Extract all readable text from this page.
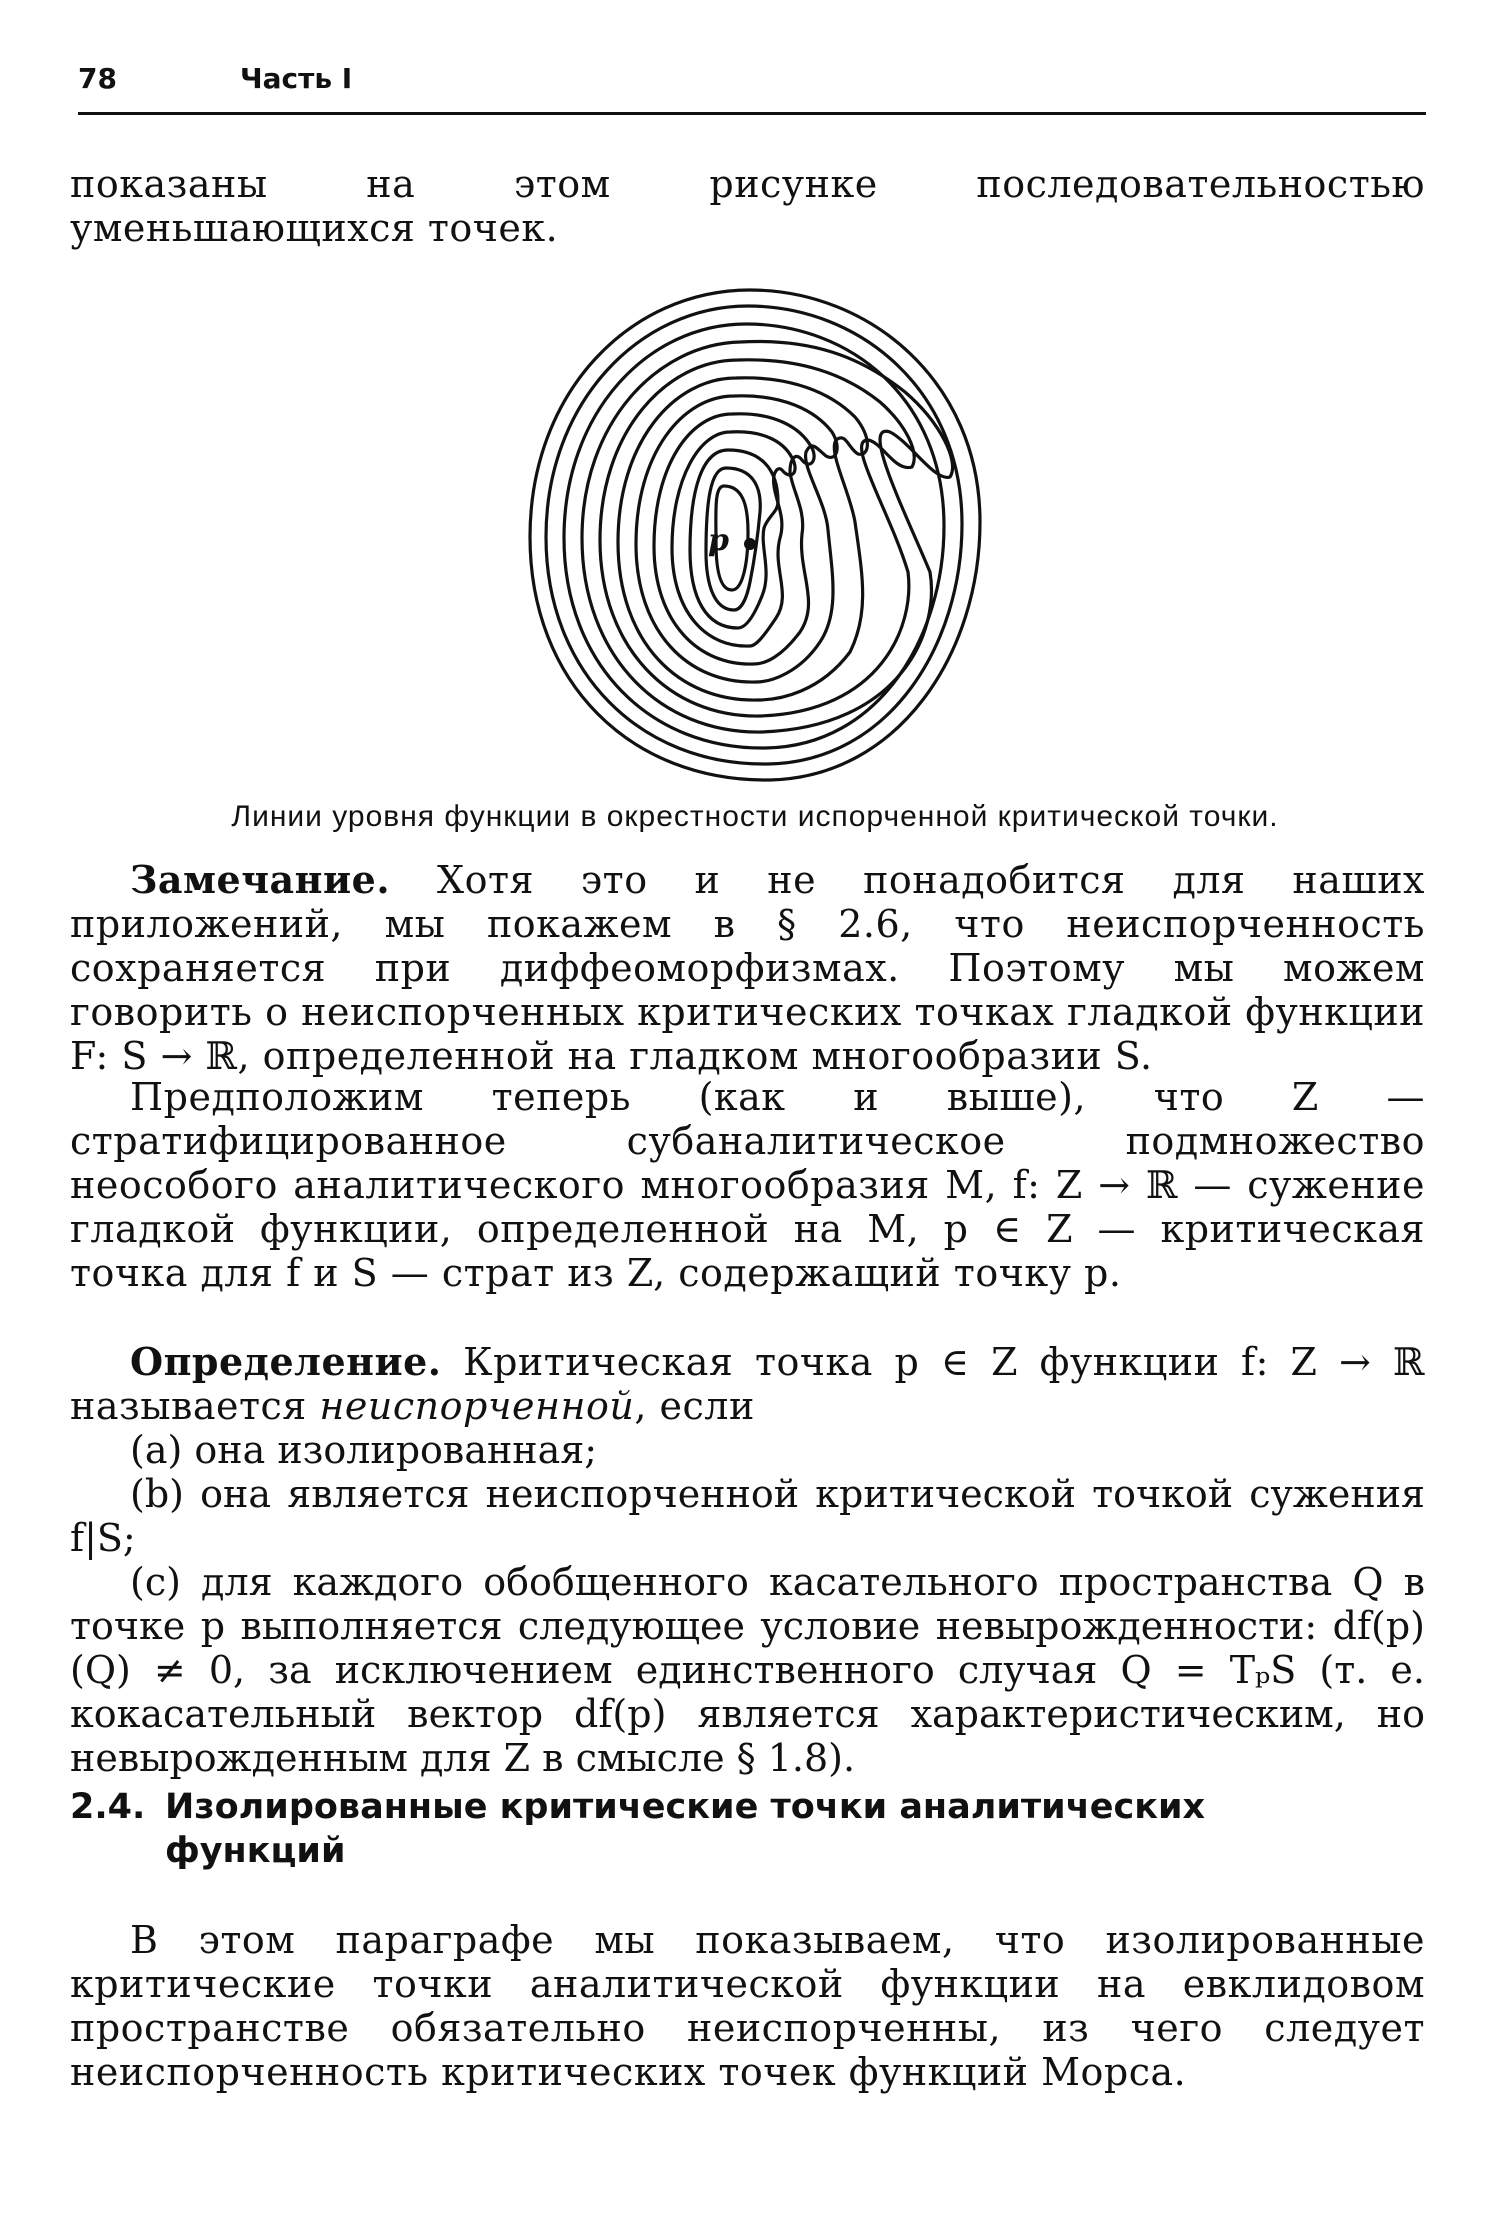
78	Часть I

показаны на этом рисунке последовательностью уменьшающихся точек.

p
Линии уровня функции в окрестности испорченной критической точки.

Замечание. Хотя это и не понадобится для наших приложений, мы покажем в § 2.6, что неиспорченность сохраняется при диффеоморфизмах. Поэтому мы можем говорить о неиспорченных критических точках гладкой функции F: S → ℝ, определенной на гладком многообразии S.

Предположим теперь (как и выше), что Z — стратифицированное субаналитическое подмножество неособого аналитического многообразия M, f: Z → ℝ — сужение гладкой функции, определенной на M, p ∈ Z — критическая точка для f и S — страт из Z, содержащий точку p.

Определение. Критическая точка p ∈ Z функции f: Z → ℝ называется неиспорченной, если

(a) она изолированная;

(b) она является неиспорченной критической точкой сужения f|S;

(c) для каждого обобщенного касательного пространства Q в точке p выполняется следующее условие невырожденности: df(p)(Q) ≠ 0, за исключением единственного случая Q = TₚS (т. е. кокасательный вектор df(p) является характеристическим, но невырожденным для Z в смысле § 1.8).

2.4. Изолированные критические точки аналитических
функций

В этом параграфе мы показываем, что изолированные критические точки аналитической функции на евклидовом пространстве обязательно неиспорченны, из чего следует неиспорченность критических точек функций Морса.
